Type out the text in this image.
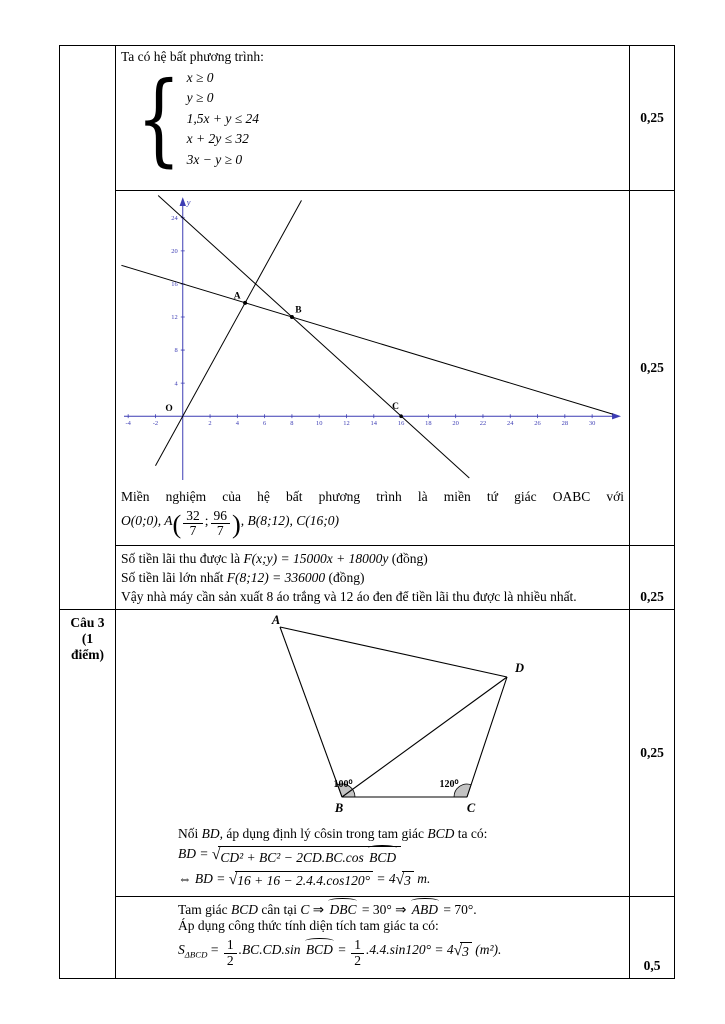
Ta có hệ bất phương trình:
{ x ≥ 0
y ≥ 0
1,5x + y ≤ 24
x + 2y ≤ 32
3x − y ≥ 0
	0,25

y
O
A
B
C
-4	-2	2	4	6	8	10	12	14	16	18	20	22	24	26	28	30
4
8
12
16
20
24
Miền nghiệm của hệ bất phương trình là miền tứ giác OABC với
O(0;0), $A( \frac{32}{7}$ ; $\frac{96}{7}$ ), B(8;12), C(16;0)
	0,25

	Số tiền lãi thu được là F(x;y) = 15000x + 18000y (đồng)
Số tiền lãi lớn nhất F(8;12) = 336000 (đồng)
Vậy nhà máy cần sản xuất 8 áo trắng và 12 áo đen để tiền lãi thu được là nhiều nhất.	0,25

Câu 3
(1
điểm)

A
D
B	C
100⁰	120⁰
Nối BD, áp dụng định lý côsin trong tam giác BCD ta có:
BD = √CD² + BC² − 2CD.BC.cos BCD
⇔ BD = √16 + 16 − 2.4.4.cos120° = 4√3 m.
	0,25

Tam giác BCD cân tại C ⇒ DBC = 30° ⇒ ABD = 70°.
Áp dụng công thức tính diện tích tam giác ta có:
$S_{\Delta BCD} = \frac{1}{2} .BC.CD.\sin$ BCD = $\frac{1}{2} .4.4.\sin 120^\circ = 4√3$ (m²).
	0,5
